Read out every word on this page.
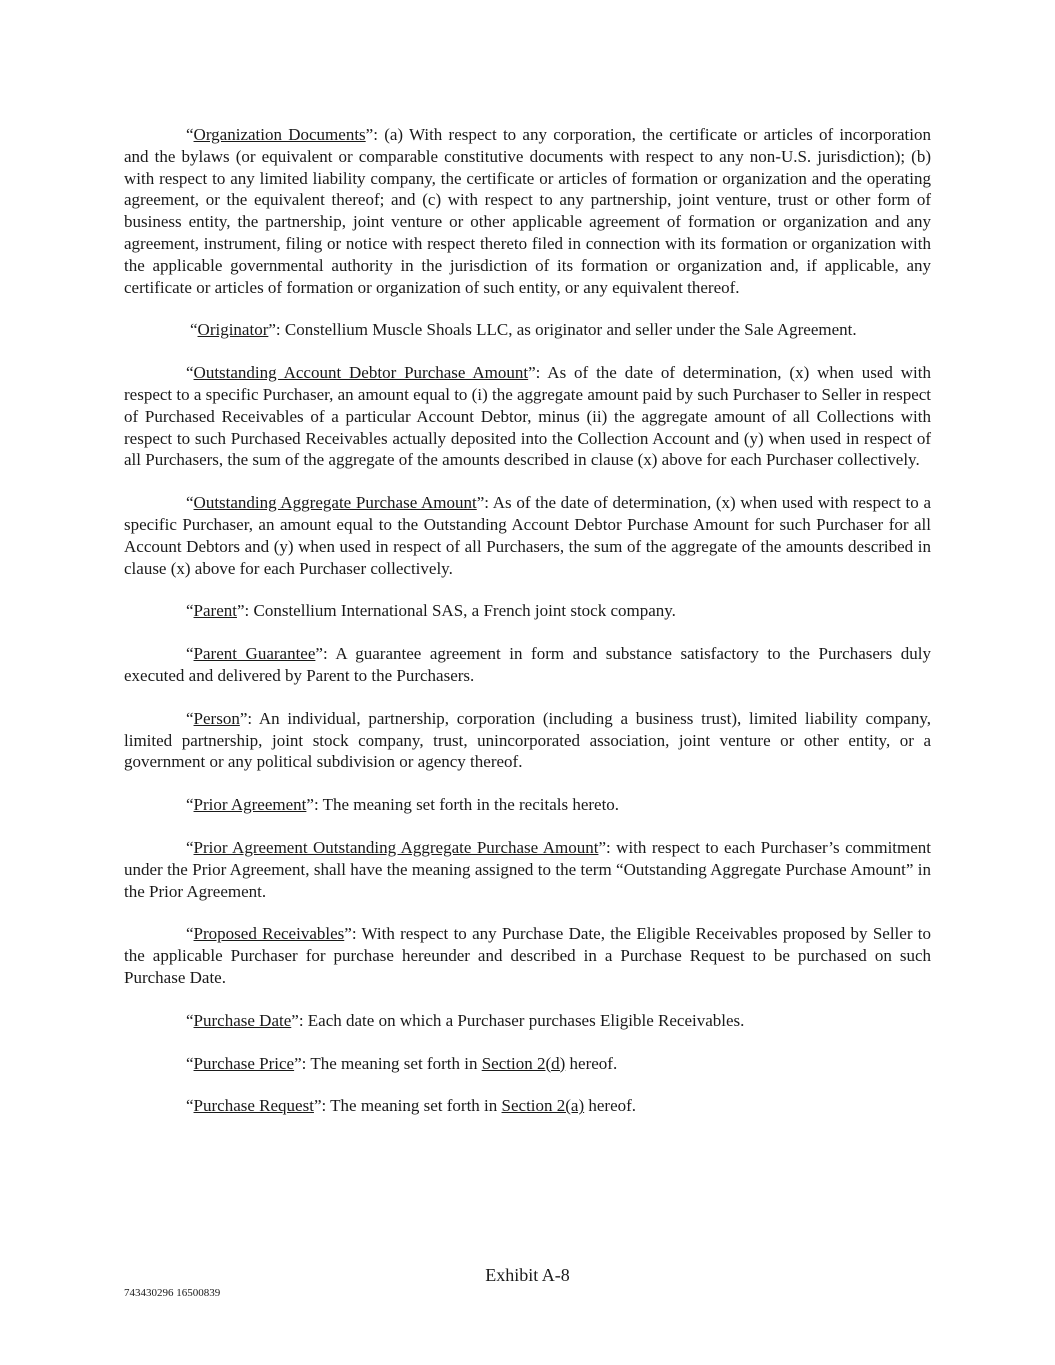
“Organization Documents”: (a) With respect to any corporation, the certificate or articles of incorporation and the bylaws (or equivalent or comparable constitutive documents with respect to any non-U.S. jurisdiction); (b) with respect to any limited liability company, the certificate or articles of formation or organization and the operating agreement, or the equivalent thereof; and (c) with respect to any partnership, joint venture, trust or other form of business entity, the partnership, joint venture or other applicable agreement of formation or organization and any agreement, instrument, filing or notice with respect thereto filed in connection with its formation or organization with the applicable governmental authority in the jurisdiction of its formation or organization and, if applicable, any certificate or articles of formation or organization of such entity, or any equivalent thereof.

“Originator”: Constellium Muscle Shoals LLC, as originator and seller under the Sale Agreement.

“Outstanding Account Debtor Purchase Amount”: As of the date of determination, (x) when used with respect to a specific Purchaser, an amount equal to (i) the aggregate amount paid by such Purchaser to Seller in respect of Purchased Receivables of a particular Account Debtor, minus (ii) the aggregate amount of all Collections with respect to such Purchased Receivables actually deposited into the Collection Account and (y) when used in respect of all Purchasers, the sum of the aggregate of the amounts described in clause (x) above for each Purchaser collectively.

“Outstanding Aggregate Purchase Amount”: As of the date of determination, (x) when used with respect to a specific Purchaser, an amount equal to the Outstanding Account Debtor Purchase Amount for such Purchaser for all Account Debtors and (y) when used in respect of all Purchasers, the sum of the aggregate of the amounts described in clause (x) above for each Purchaser collectively.

“Parent”: Constellium International SAS, a French joint stock company.

“Parent Guarantee”: A guarantee agreement in form and substance satisfactory to the Purchasers duly executed and delivered by Parent to the Purchasers.

“Person”: An individual, partnership, corporation (including a business trust), limited liability company, limited partnership, joint stock company, trust, unincorporated association, joint venture or other entity, or a government or any political subdivision or agency thereof.

“Prior Agreement”: The meaning set forth in the recitals hereto.

“Prior Agreement Outstanding Aggregate Purchase Amount”: with respect to each Purchaser’s commitment under the Prior Agreement, shall have the meaning assigned to the term “Outstanding Aggregate Purchase Amount” in the Prior Agreement.

“Proposed Receivables”: With respect to any Purchase Date, the Eligible Receivables proposed by Seller to the applicable Purchaser for purchase hereunder and described in a Purchase Request to be purchased on such Purchase Date.

“Purchase Date”: Each date on which a Purchaser purchases Eligible Receivables.

“Purchase Price”: The meaning set forth in Section 2(d) hereof.

“Purchase Request”: The meaning set forth in Section 2(a) hereof.

Exhibit A-8
743430296 16500839
